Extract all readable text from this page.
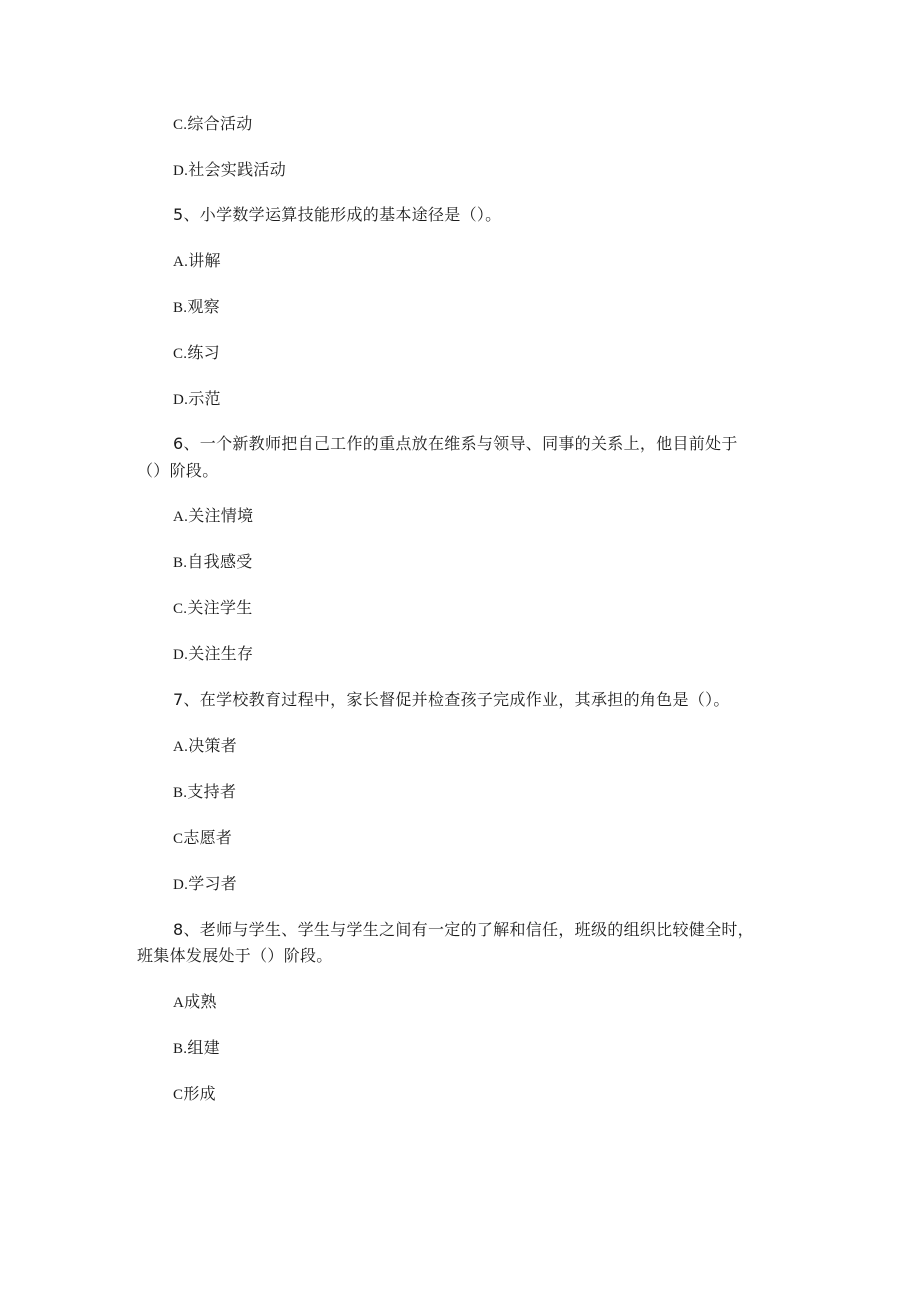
C.综合活动
D.社会实践活动
5、小学数学运算技能形成的基本途径是（）。
A.讲解
B.观察
C.练习
D.示范
6、一个新教师把自己工作的重点放在维系与领导、同事的关系上，他目前处于
（）阶段。
A.关注情境
B.自我感受
C.关注学生
D.关注生存
7、在学校教育过程中，家长督促并检查孩子完成作业，其承担的角色是（）。
A.决策者
B.支持者
C志愿者
D.学习者
8、老师与学生、学生与学生之间有一定的了解和信任，班级的组织比较健全时，
班集体发展处于（）阶段。
A成熟
B.组建
C形成
